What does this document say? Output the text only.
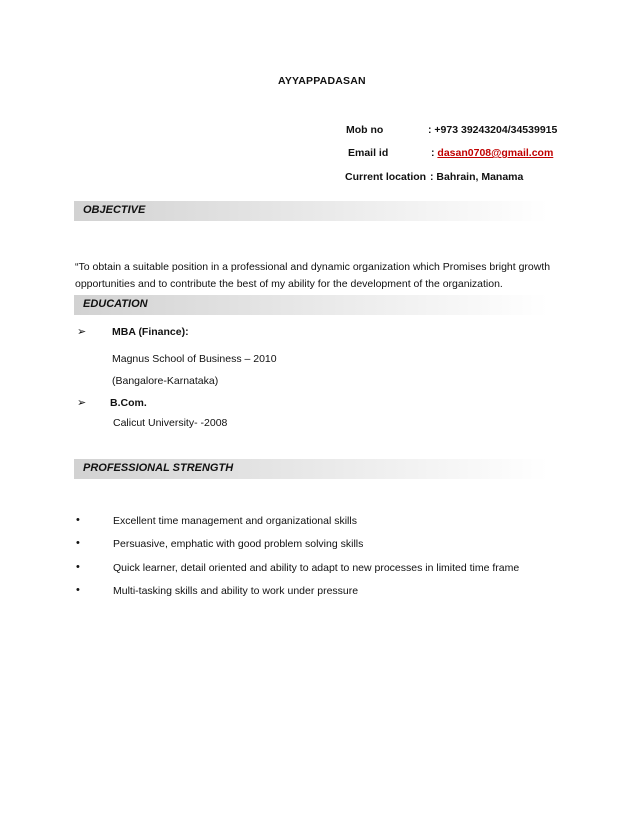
AYYAPPADASAN
Mob no	: +973 39243204/34539915
Email id	: dasan0708@gmail.com
Current location : Bahrain, Manama
OBJECTIVE
“To obtain a suitable position in a professional and dynamic organization which Promises bright growth opportunities and to contribute the best of my ability for the development of the organization.
EDUCATION
➢ MBA (Finance):
Magnus School of Business – 2010
(Bangalore-Karnataka)
➢ B.Com.
Calicut University- -2008
PROFESSIONAL STRENGTH
•	Excellent time management and organizational skills
•	Persuasive, emphatic with good problem solving skills
•	Quick learner, detail oriented and ability to adapt to new processes in limited time frame
•	Multi-tasking skills and ability to work under pressure
